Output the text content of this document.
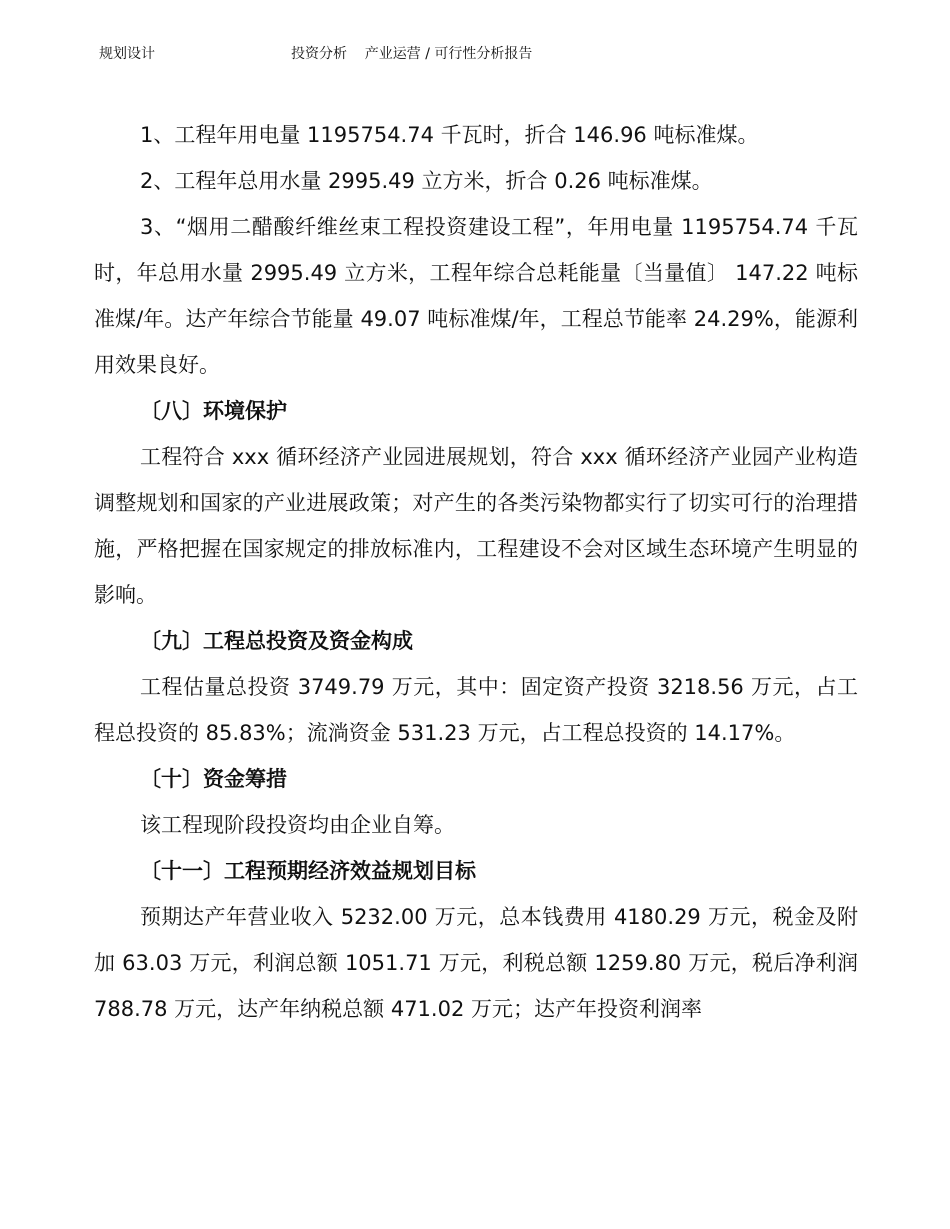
规划设计	投资分析    产业运营 / 可行性分析报告

1、工程年用电量 1195754.74 千瓦时，折合 146.96 吨标准煤。

2、工程年总用水量 2995.49 立方米，折合 0.26 吨标准煤。

3、“烟用二醋酸纤维丝束工程投资建设工程”，年用电量 1195754.74 千瓦时，年总用水量 2995.49 立方米，工程年综合总耗能量〔当量值〕 147.22 吨标准煤/年。达产年综合节能量 49.07 吨标准煤/年，工程总节能率 24.29%，能源利用效果良好。

〔八〕环境保护

工程符合 xxx 循环经济产业园进展规划，符合 xxx 循环经济产业园产业构造调整规划和国家的产业进展政策；对产生的各类污染物都实行了切实可行的治理措施，严格把握在国家规定的排放标准内，工程建设不会对区域生态环境产生明显的影响。

〔九〕工程总投资及资金构成

工程估量总投资 3749.79 万元，其中：固定资产投资 3218.56 万元，占工程总投资的 85.83%；流淌资金 531.23 万元，占工程总投资的 14.17%。

〔十〕资金筹措

该工程现阶段投资均由企业自筹。

〔十一〕工程预期经济效益规划目标

预期达产年营业收入 5232.00 万元，总本钱费用 4180.29 万元，税金及附加 63.03 万元，利润总额 1051.71 万元，利税总额 1259.80 万元，税后净利润 788.78 万元，达产年纳税总额 471.02 万元；达产年投资利润率
